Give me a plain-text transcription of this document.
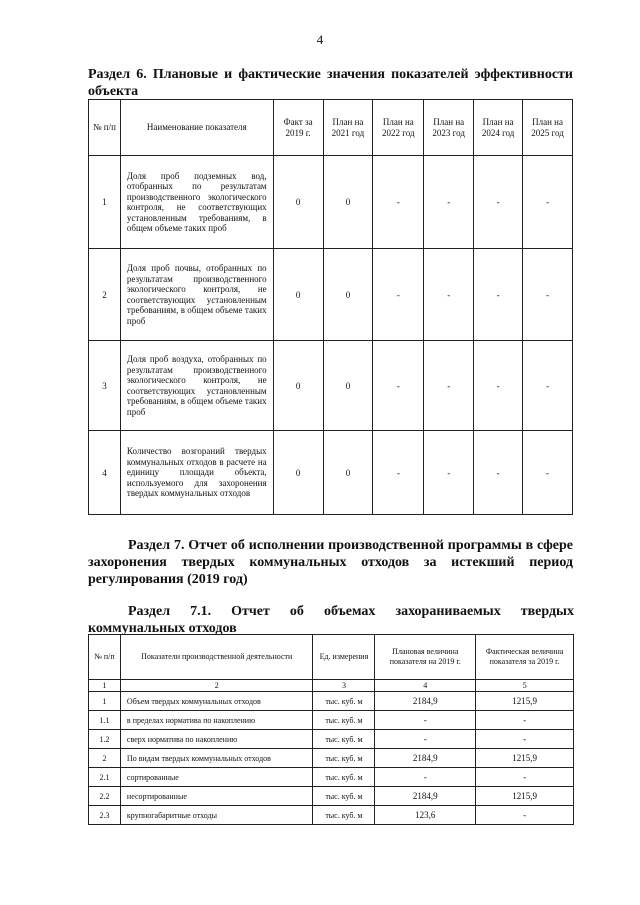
4
Раздел 6. Плановые и фактические значения показателей эффективности объекта
№ п/п	Наименование показателя	Факт за 2019 г.	План на 2021 год	План на 2022 год	План на 2023 год	План на 2024 год	План на 2025 год
1	Доля проб подземных вод, отобранных по результатам производственного экологического контроля, не соответствующих установленным требованиям, в общем объеме таких проб	0	0	-	-	-	-
2	Доля проб почвы, отобранных по результатам производственного экологического контроля, не соответствующих установленным требованиям, в общем объеме таких проб	0	0	-	-	-	-
3	Доля проб воздуха, отобранных по результатам производственного экологического контроля, не соответствующих установленным требованиям, в общем объеме таких проб	0	0	-	-	-	-
4	Количество возгораний твердых коммунальных отходов в расчете на единицу площади объекта, используемого для захоронения твердых коммунальных отходов	0	0	-	-	-	-
Раздел 7. Отчет об исполнении производственной программы в сфере захоронения твердых коммунальных отходов за истекший период регулирования (2019 год)
Раздел 7.1. Отчет об объемах захораниваемых твердых коммунальных отходов
№ п/п	Показатели производственной деятельности	Ед. измерения	Плановая величина показателя на 2019 г.	Фактическая величина показателя за 2019 г.
1	2	3	4	5
1	Объем твердых коммунальных отходов	тыс. куб. м	2184,9	1215,9
1.1	в пределах норматива по накоплению	тыс. куб. м	-	-
1.2	сверх норматива по накоплению	тыс. куб. м	-	-
2	По видам твердых коммунальных отходов	тыс. куб. м	2184,9	1215,9
2.1	сортированные	тыс. куб. м	-	-
2.2	несортированные	тыс. куб. м	2184,9	1215,9
2.3	крупногабаритные отходы	тыс. куб. м	123,6	-
